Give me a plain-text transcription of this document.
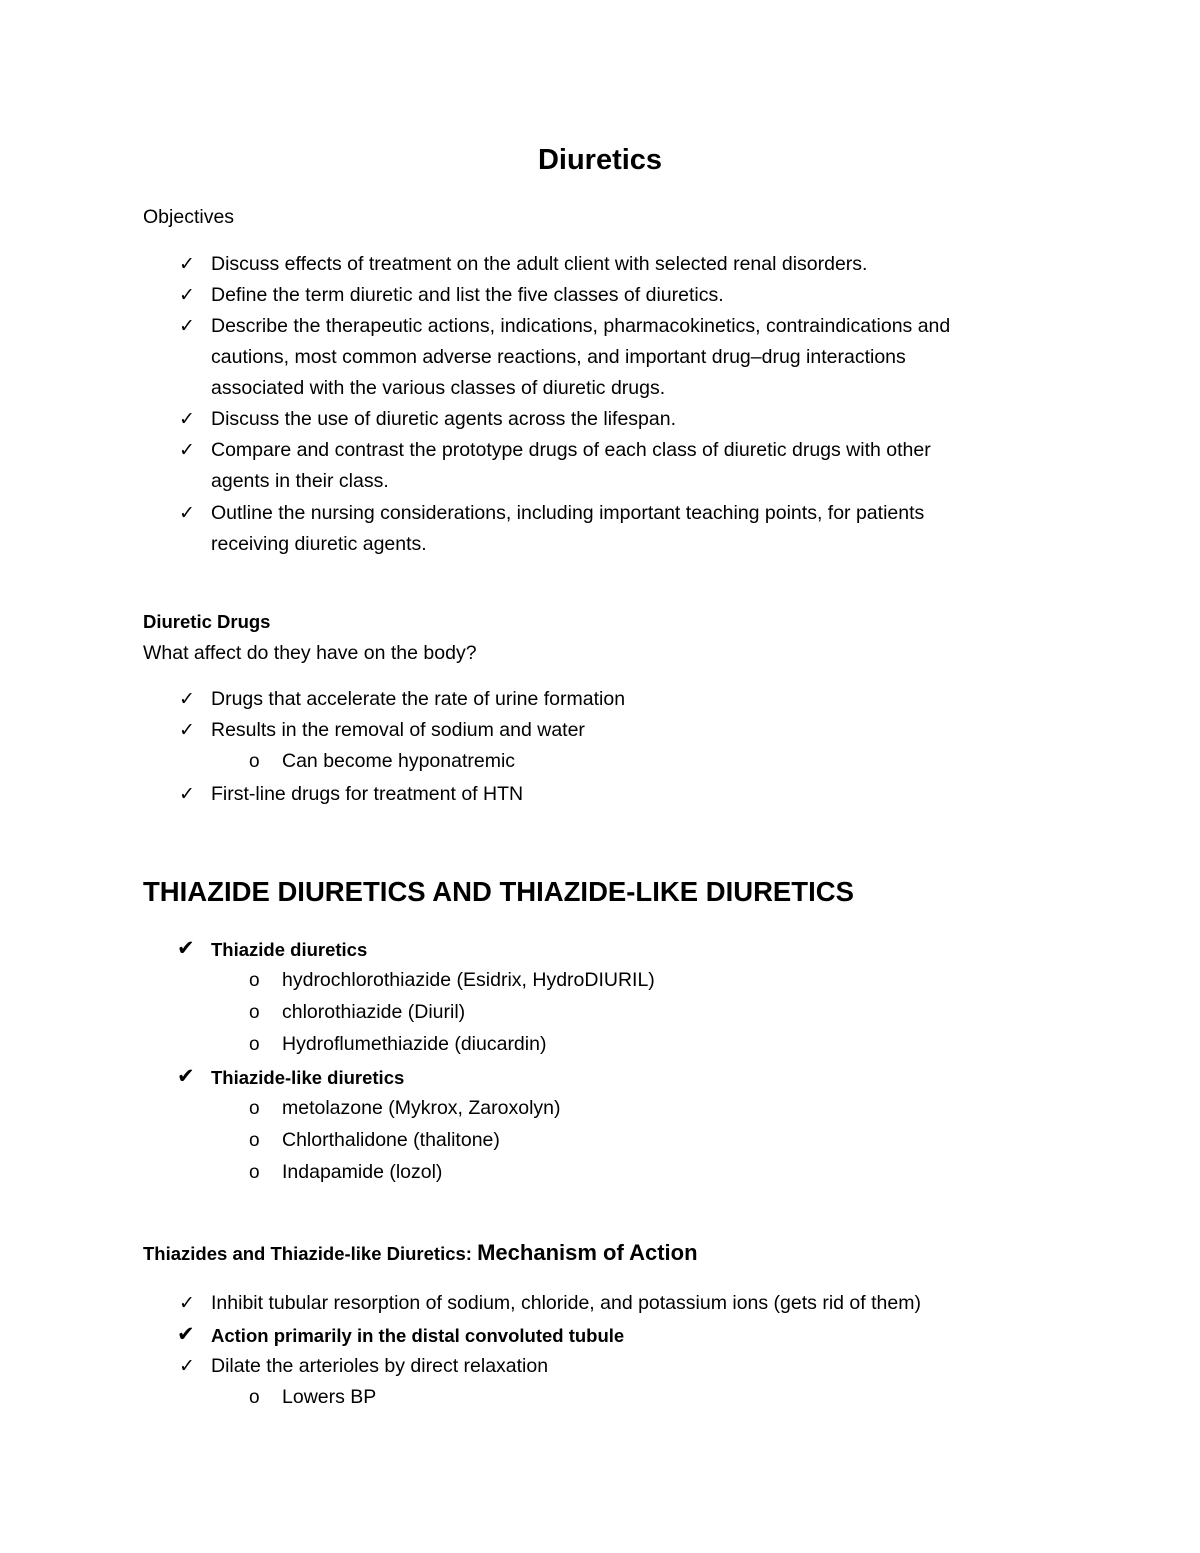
Diuretics
Objectives
✓ Discuss effects of treatment on the adult client with selected renal disorders.
✓ Define the term diuretic and list the five classes of diuretics.
✓ Describe the therapeutic actions, indications, pharmacokinetics, contraindications and
cautions, most common adverse reactions, and important drug–drug interactions
associated with the various classes of diuretic drugs.
✓ Discuss the use of diuretic agents across the lifespan.
✓ Compare and contrast the prototype drugs of each class of diuretic drugs with other
agents in their class.
✓ Outline the nursing considerations, including important teaching points, for patients
receiving diuretic agents.
Diuretic Drugs
What affect do they have on the body?
✓ Drugs that accelerate the rate of urine formation
✓ Results in the removal of sodium and water
o Can become hyponatremic
✓ First-line drugs for treatment of HTN
THIAZIDE DIURETICS AND THIAZIDE-LIKE DIURETICS
✔ Thiazide diuretics
o hydrochlorothiazide (Esidrix, HydroDIURIL)
o chlorothiazide (Diuril)
o Hydroflumethiazide (diucardin)
✔ Thiazide-like diuretics
o metolazone (Mykrox, Zaroxolyn)
o Chlorthalidone (thalitone)
o Indapamide (lozol)
Thiazides and Thiazide-like Diuretics: Mechanism of Action
✓ Inhibit tubular resorption of sodium, chloride, and potassium ions (gets rid of them)
✔ Action primarily in the distal convoluted tubule
✓ Dilate the arterioles by direct relaxation
o Lowers BP
